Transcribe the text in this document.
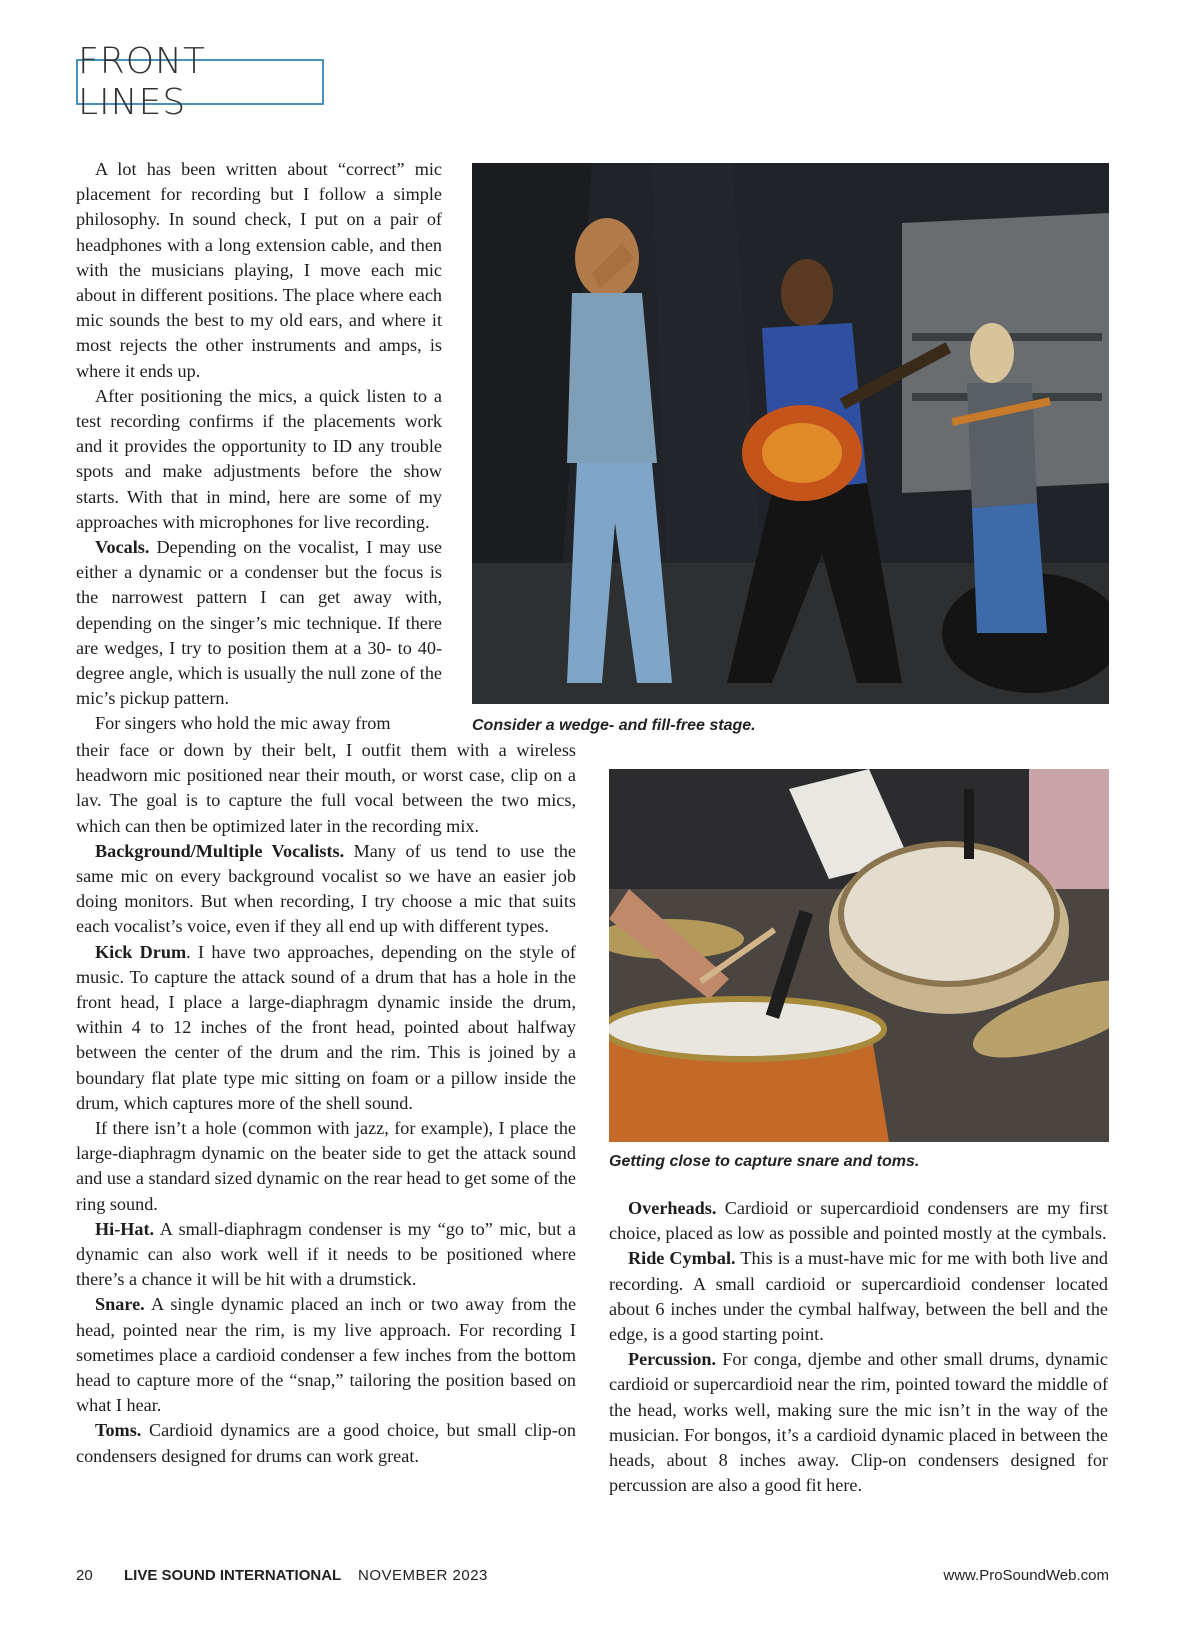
FRONT LINES

A lot has been written about “correct” mic placement for recording but I follow a simple philosophy. In sound check, I put on a pair of headphones with a long extension cable, and then with the musicians playing, I move each mic about in different positions. The place where each mic sounds the best to my old ears, and where it most rejects the other instruments and amps, is where it ends up.

After positioning the mics, a quick listen to a test recording confirms if the placements work and it provides the opportunity to ID any trouble spots and make adjustments before the show starts. With that in mind, here are some of my approaches with microphones for live recording.

Vocals. Depending on the vocalist, I may use either a dynamic or a condenser but the focus is the narrowest pattern I can get away with, depending on the singer’s mic technique. If there are wedges, I try to position them at a 30- to 40-degree angle, which is usually the null zone of the mic’s pickup pattern.

For singers who hold the mic away from	Consider a wedge- and fill-free stage.

their face or down by their belt, I outfit them with a wireless headworn mic positioned near their mouth, or worst case, clip on a lav. The goal is to capture the full vocal between the two mics, which can then be optimized later in the recording mix.

Background/Multiple Vocalists. Many of us tend to use the same mic on every background vocalist so we have an easier job doing monitors. But when recording, I try choose a mic that suits each vocalist’s voice, even if they all end up with different types.

Kick Drum. I have two approaches, depending on the style of music. To capture the attack sound of a drum that has a hole in the front head, I place a large-diaphragm dynamic inside the drum, within 4 to 12 inches of the front head, pointed about halfway between the center of the drum and the rim. This is joined by a boundary flat plate type mic sitting on foam or a pillow inside the drum, which captures more of the shell sound.

If there isn’t a hole (common with jazz, for example), I place the large-diaphragm dynamic on the beater side to get the attack sound and use a standard sized dynamic on the rear head to get some of the ring sound.

Hi-Hat. A small-diaphragm condenser is my “go to” mic, but a dynamic can also work well if it needs to be positioned where there’s a chance it will be hit with a drumstick.

Snare. A single dynamic placed an inch or two away from the head, pointed near the rim, is my live approach. For recording I sometimes place a cardioid condenser a few inches from the bottom head to capture more of the “snap,” tailoring the position based on what I hear.

Toms. Cardioid dynamics are a good choice, but small clip-on condensers designed for drums can work great.

Getting close to capture snare and toms.

Overheads. Cardioid or supercardioid condensers are my first choice, placed as low as possible and pointed mostly at the cymbals.

Ride Cymbal. This is a must-have mic for me with both live and recording. A small cardioid or supercardioid condenser located about 6 inches under the cymbal halfway, between the bell and the edge, is a good starting point.

Percussion. For conga, djembe and other small drums, dynamic cardioid or supercardioid near the rim, pointed toward the middle of the head, works well, making sure the mic isn’t in the way of the musician. For bongos, it’s a cardioid dynamic placed in between the heads, about 8 inches away. Clip-on condensers designed for percussion are also a good fit here.

20 LIVE SOUND INTERNATIONAL NOVEMBER 2023	www.ProSoundWeb.com
